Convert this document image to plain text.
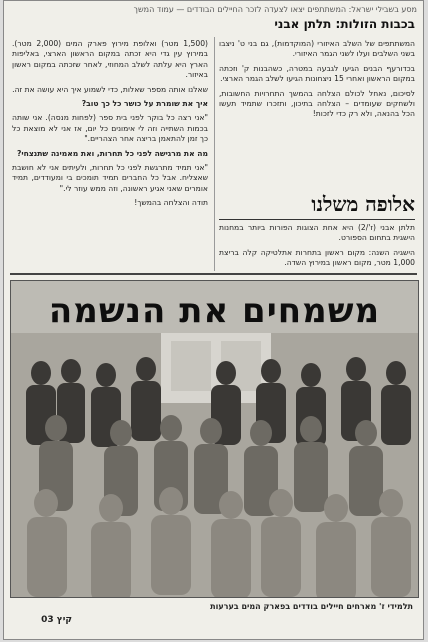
מסע בשבילי ישראל: המשתתפים יצאו לצעדה לזכר החיילים הבודדים — עמוד המשך
בכבות הזולות: תלתן אבני

המשתתפים של השלב האיזורי (המוקדמות), גם בני ט' ניצבו בשני השלבים ועלו לשני הגמר האיזורי.

בכדורעף הבנים הגיעו לגבעה במטרה, כשהבנות ק' וזכתה במקום הראשון ואחרי 15 ניצחונות הגיעו לשלב הגמר הארצי.

לסיכום, נאחל לכולם הצלחה בהמשך התחרויות החשובות, ולשחקים שעומדים – הצלחה בתיכון, ותזכרו שתמיד תעשו הכל בהנאה, ולא רק כדי לזכות!

אלופה משלנו

תלתן אבני (ז'/2) היא אחת הצוגות הפורות ביותר במחנות הישגית בתחום הספורט.

הישגיה השנה: מקום ראשון בתחרות אתלטיקה קלה בריצת 1,000 מטר, מקום ראשון במירוץ השדה.

(1,500 מטר) ואלופת מירוץ פארק המים (2,000 מטר). במירוץ עין גדי היא זכתה במקום הראשון הארצי, באליפות הארץ היא עלתה לשלב המחוזי, לאחר שזכתה במקום ראשון באיזור.

שאלנו אותה מספר שאלות, כדי לשמוע איך היא עושה את זה.

איך את שומרת על כושר כל כך טוב?

"אני רצה כל בוקר לפני בית ספר (לפחות מנסה). אני שותה בכמות השתייה וזה לי אימונים כל יום, אז אני לא מוצאת כל כך זמן להתאמן בריצה אחר הצהריים."

מה את מרגישה לפני כל תחרות, ואת מאמינה שתנצחי?

"אני תמיד מתרגשת לפני כל תחרות, ולעיתים אני לא חושבת שאצליח. אבל כל החברים תמיד תומכים בי ומעודדים, תמיד אומרים שאני אגיע ראשונה, וזה ממש עוזר לי."

תודה והצלחה בהמשך!

משמחים את הנשמה
תלמידי ז' מארחים חיילים בודדים בפארק המים בערעות
קיץ 03
